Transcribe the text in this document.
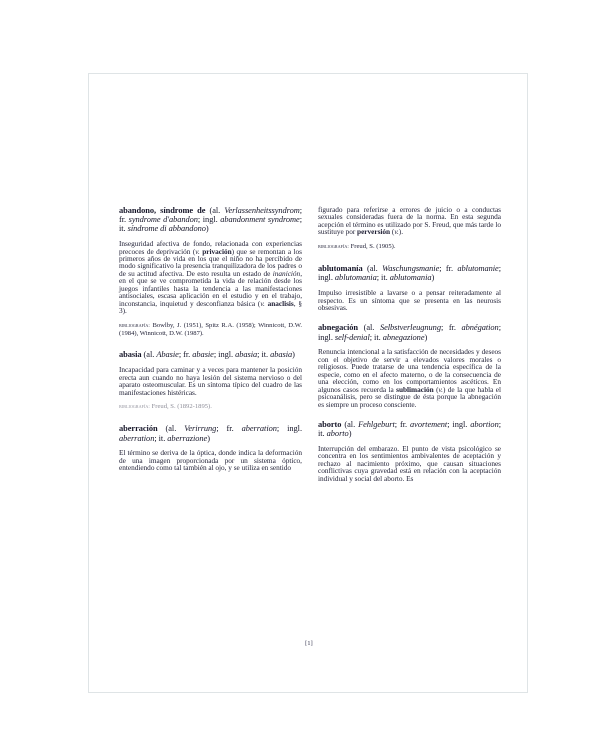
abandono, síndrome de (al. Verlassenheitssyndrom; fr. syndrome d'abandon; ingl. abandonment syndrome; it. síndrome di abbandono)

Inseguridad afectiva de fondo, relacionada con experiencias precoces de deprivación (v. privación) que se remontan a los primeros años de vida en los que el niño no ha percibido de modo significativo la presencia tranquilizadora de los padres o de su actitud afectiva. De esto resulta un estado de inanición, en el que se ve comprometida la vida de relación desde los juegos infantiles hasta la tendencia a las manifestaciones antisociales, escasa aplicación en el estudio y en el trabajo, inconstancia, inquietud y desconfianza básica (v. anaclisis, § 3).

bibliografía: Bowlby, J. (1951), Spitz R.A. (1958); Winnicott, D.W. (1984), Winnicott, D.W. (1987).

abasia (al. Abasie; fr. abasie; ingl. abasia; it. abasia)

Incapacidad para caminar y a veces para mantener la posición erecta aun cuando no haya lesión del sistema nervioso o del aparato osteomuscular. Es un síntoma típico del cuadro de las manifestaciones histéricas.

bibliografía: Freud, S. (1892-1895).

aberración (al. Verirrung; fr. aberration; ingl. aberration; it. aberrazione)

El término se deriva de la óptica, donde indica la deformación de una imagen proporcionada por un sistema óptico, entendiendo como tal también al ojo, y se utiliza en sentido

figurado para referirse a errores de juicio o a conductas sexuales consideradas fuera de la norma. En esta segunda acepción el término es utilizado por S. Freud, que más tarde lo sustituye por perversión (v.).

bibliografía: Freud, S. (1905).

ablutomanía (al. Waschungsmanie; fr. ablutomanie; ingl. ablutomania; it. ablutomania)

Impulso irresistible a lavarse o a pensar reiteradamente al respecto. Es un síntoma que se presenta en las neurosis obsesivas.

abnegación (al. Selbstverleugnung; fr. abnégation; ingl. self-denial; it. abnegazione)

Renuncia intencional a la satisfacción de necesidades y deseos con el objetivo de servir a elevados valores morales o religiosos. Puede tratarse de una tendencia específica de la especie, como en el afecto materno, o de la consecuencia de una elección, como en los comportamientos ascéticos. En algunos casos recuerda la sublimación (v.) de la que habla el psicoanálisis, pero se distingue de ésta porque la abnegación es siempre un proceso consciente.

aborto (al. Fehlgeburt; fr. avortement; ingl. abortion; it. aborto)

Interrupción del embarazo. El punto de vista psicológico se concentra en los sentimientos ambivalentes de aceptación y rechazo al nacimiento próximo, que causan situaciones conflictivas cuya gravedad está en relación con la aceptación individual y social del aborto. Es

[1]
